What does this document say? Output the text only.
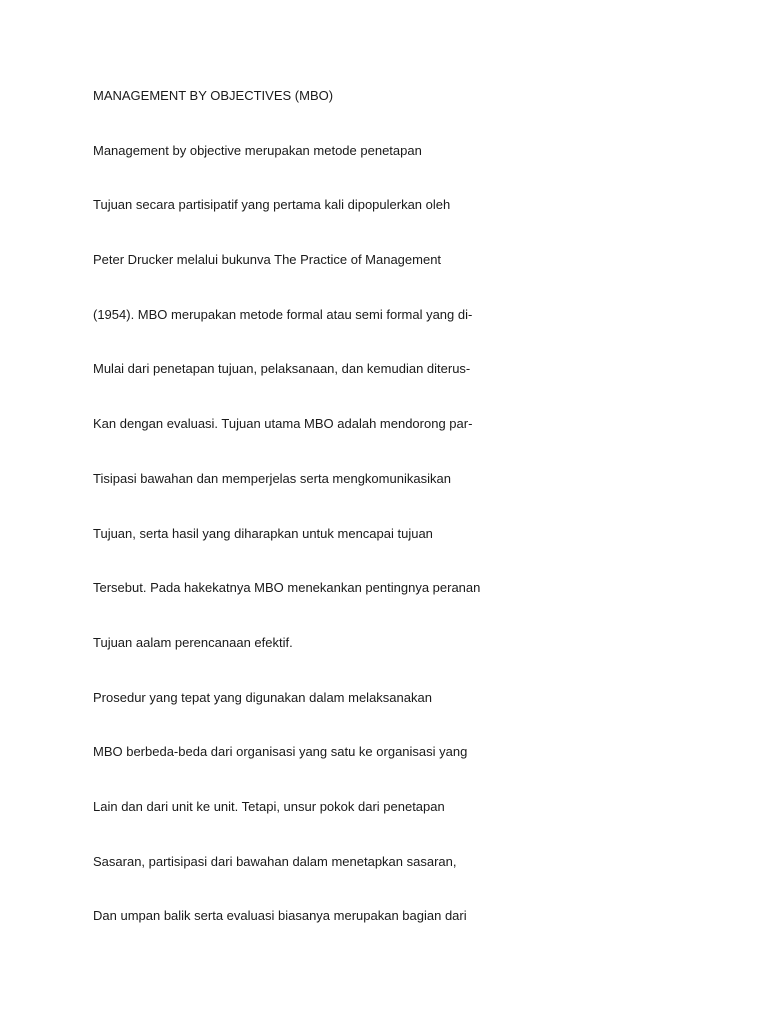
MANAGEMENT BY OBJECTIVES (MBO)
Management by objective merupakan metode penetapan
Tujuan secara partisipatif yang pertama kali dipopulerkan oleh
Peter Drucker melalui bukunva The Practice of Management
(1954). MBO merupakan metode formal atau semi formal yang di-
Mulai dari penetapan tujuan, pelaksanaan, dan kemudian diterus-
Kan dengan evaluasi. Tujuan utama MBO adalah mendorong par-
Tisipasi bawahan dan memperjelas serta mengkomunikasikan
Tujuan, serta hasil yang diharapkan untuk mencapai tujuan
Tersebut. Pada hakekatnya MBO menekankan pentingnya peranan
Tujuan aalam perencanaan efektif.
Prosedur yang tepat yang digunakan dalam melaksanakan
MBO berbeda-beda dari organisasi yang satu ke organisasi yang
Lain dan dari unit ke unit. Tetapi, unsur pokok dari penetapan
Sasaran, partisipasi dari bawahan dalam menetapkan sasaran,
Dan umpan balik serta evaluasi biasanya merupakan bagian dari
